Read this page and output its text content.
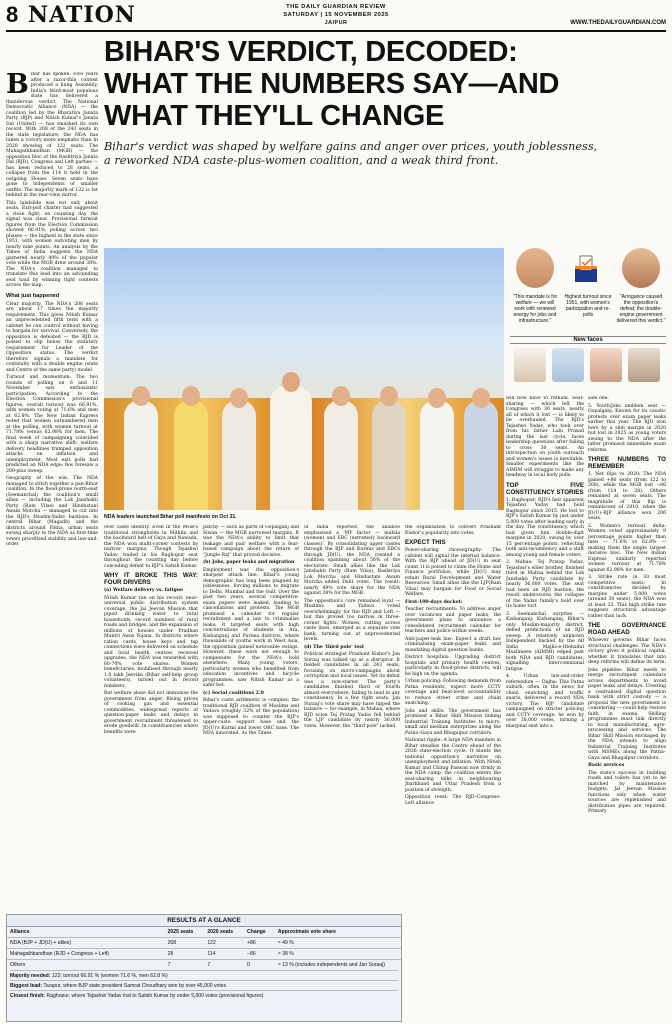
8 NATION	THE DAILY GUARDIAN REVIEW
SATURDAY | 15 NOVEMBER 2025
JAIPUR	WWW.THEDAILYGUARDIAN.COM
BIHAR'S VERDICT, DECODED:
WHAT THE NUMBERS SAY—AND
WHAT THEY'LL CHANGE
Bihar's verdict was shaped by welfare gains and anger over prices, youth joblessness,
a reworked NDA caste-plus-women coalition, and a weak third front.
NDA leaders launched Bihar poll manifesto on Oct 31.
"This mandate is for welfare — we will work with renewed energy for jobs and infrastructure."
Highest turnout since 1951, with women's participation and re-polls
"Arrogance caused the opposition's defeat; the double-engine government delivered this verdict."
New faces

Bihar has spoken. Five years after a razor-thin contest produced a hung Assembly, India's third-most populous state has delivered a thunderous verdict. The National Democratic Alliance (NDA) — the coalition led by the Bharatiya Janata Party (BJP) and Nitish Kumar's Janata Dal (United) — has smashed its own record. With 208 of the 243 seats in the state legislature, the NDA has taken a victory more emphatic than in 2020 showing of 122 seats. The Mahagathbandhan (MGB) — the opposition bloc of the Rashtriya Janata Dal (RJD), Congress and Left parties — has been reduced to 28 seats, a collapse from the 114 it held in the outgoing House. Seven seats have gone to independents or smaller outfits. The majority mark of 122 is far behind in the rear-view mirror.

This landslide was not only about seats. Exit-poll chatter had suggested a close fight; on counting day the signal was clear. Provisional turnout figures from the Election Commission showed 66.91% polling across two phases — the highest in the state since 1951, with women outvoting men by nearly nine points. An analysis by the Times of India suggests the NDA garnered nearly 49% of the popular vote while the MGB drew around 38%. The NDA's coalition managed to translate this lead into an astounding seat haul by winning tight contests across the map.

What just happened

Clear majority. The NDA's 208 seats are about 17 times the majority requirement. This gives Nitish Kumar an unprecedented fifth term with a cabinet he can control without having to bargain for survival. Conversely, the opposition is defeated — the RJD is poised to slip below the statutory requirement for Leader of the Opposition status. The verdict therefore signals a mandate for continuity with a double engine (state and Centre of the same party) model.

Turnout and momentum: The two rounds of polling on 6 and 11 November saw enthusiastic participation. According to the Election Commission's provisional figures, overall turnout was 66.91%, with women voting at 71.6% and men at 62.8%. The New Indian Express noted that women outnumbered men at the polling, with women turnout at 71.78% versus 62.98% for men. The final week of campaigning coincided with a sharp narrative shift: welfare delivery headlines trumped opposition attacks on inflation and unemployment. Most exit polls had predicted an NDA edge; few foresaw a 200-plus sweep.

Geography of the win: The NDA managed to stitch together a pan-Bihar coalition. In the flood-prone north-east (Seemanchal) the coalition's small allies — including the Lok Janshakti Party (Ram Vilas) and Hindustani Awam Morcha — managed to cut into the RJD's Muslim-Yadav bastions. In central Bihar (Magadh) and the districts around Patna, urban seats swung sharply to the NDA as first-time voters prioritised stability and law-and-order

over caste identity. Even in the MGB's traditional strongholds in Mithila and the backward belt of Gaya and Nawada, the NDA won multi-corner contests by narrow margins. Though Tejashwi Yadav, trailed in his Raghopur seat throughout the counting day before conceding defeat to BJP's Satish Kumar.

WHY IT BROKE THIS WAY: FOUR DRIVERS

(a) Welfare delivery vs. fatigue

Nitish Kumar ran on his record: near-universal public distribution system coverage, the Jal Jeevan Mission that piped drinking water to rural households, record numbers of rural roads and bridges, and the expansion of millions of houses under Pradhan Mantri Awas Yojana. In districts where ration cards, house keys and tap connections were delivered on schedule and local health centres received upgrades, the NDA was rewarded with 60-70% vote shares. Women beneficiaries, mobilised through nearly 1.8 lakh Jeevika (Bihar self-help group volunteers), turned out in record numbers.

But welfare alone did not immunise the government from anger. Rising prices of cooking gas and essential commodities, widespread reports of question-paper leaks and delays in government recruitment threatened to erode goodwill. In constituencies where benefits were

patchy — such as parts of Gopalganj and Siwan — the MGB narrowed margins. It was the NDA's ability to limit that leakage and pair welfare with a fear-based campaign about the return of "Jungle Raj" that proved decisive.

(b) Jobs, paper leaks and migration

Employment was the opposition's sharpest attack line. Bihar's young demographic has long been plagued by joblessness, forcing millions to migrate to Delhi, Mumbai and the Gulf. Over the past two years, several competitive-exam papers were leaked, leading to cancellations and protests. The MGB promised a calendar for regular recruitment and a law to criminalise leaks; it targeted seats with high concentrations of students in Ara, Kishanganj and Purnea districts, where thousands of youths work in West Asia, the opposition gained noticeable swings. However, these were not enough to compensate for the NDA's hold elsewhere. Many young voters, particularly women who benefited from education incentives and bicycle programmes, saw Nitish Kumar as a safer bet.

(c) Social coalitions 2.0

Bihar's caste arithmetic is complex; the traditional RJD coalition of Muslims and Yadavs (roughly 32% of the population) was supposed to counter the BJP's upper-caste support base and the JD(U)'s Kurmi and lower OBC base. The NDA innovated. As the Times

of India reported, the alliance emphasised a 'MY factor — mahila (women) and EBC (extremely backward classes)'. By consolidating upper castes through the BJP and Kurmis and EBCs through JD(U), the NDA created a coalition spanning about 56% of the electorate. Small allies like the Lok Janshakti Party (Ram Vilas), Rashtriya Lok Morcha and Hindustani Awam Morcha added Dalit votes. The result: nearly 49% vote share for the NDA against 38% for the MGB.

The opposition's core remained loyal — Muslims and Yadavs voted overwhelmingly for the RJD and Left — but this proved too narrow in three-corner fights. Women, cutting across caste lines, emerged as a separate vote bank, turning out at unprecedented levels.

(d) The 'third pole' test

Political strategist Prashant Kishor's Jan Suraaj was talked up as a disruptor. It fielded candidates in all 243 seats, focusing on micro-campaigns about corruption and local issues. Yet its debut was a non-starter. The party's candidates finished third or fourth almost everywhere, failing to lead in any constituency. In a few tight seats, Jan Suraaj's vote share may have tipped the balance — for example, in Mahua, where RJD scion Tej Pratap Yadav fell behind the LJP candidate by nearly 36,000 votes. However, the "third pole" lacked

the organisation to convert Prashant Kishor's popularity into votes.

EXPECT THIS

Power-sharing choreography: The cabinet will signal the internal balance. With the BJP ahead of JD(U) in seat count, it is poised to claim the Home and Finance portfolios, while JD(U) may retain Rural Development and Water Resources. Small allies like the LJP(Ram Vilas) may bargain for Food or Social Welfare.

First-100-days docket:

Teacher recruitments: To address anger over vacancies and paper leaks, the government plans to announce a consolidated recruitment calendar for teachers and police within weeks.

Anti-paper-leak law: Expect a draft law criminalising exam-paper leaks and mandating digital question banks.

District hospitals: Upgrading district hospitals and primary health centres, particularly in flood-prone districts, will be high on the agenda.

Urban policing: Following demands from Patna residents, expect more CCTV coverage and beat-level accountability to reduce street crime and chain snatching.

Jobs and skills: The government has promised a Bihar Skill Mission linking Industrial Training Institutes to micro, small and medium enterprises along the Patna–Gaya and Bhagalpur corridors.

National ripple: A large NDA mandate in Bihar steadies the Centre ahead of the 2026 state-election cycle. It blunts the national opposition's narrative on unemployment and inflation. With Nitish Kumar and Chirag Paswan now firmly in the NDA camp, the coalition enters the seat-sharing talks in neighbouring Jharkhand and Uttar Pradesh from a position of strength.

Opposition reset: The RJD–Congress–Left alliance

will now have to rethink. Seat-sharing — which left the Congress with 30 seats, nearly all of which it lost — is likely to be overhauled. The RJD's Tejashwi Yadav, who took over from his father Lalu Prasad during the last cycle, faces leadership questions after failing to cross 30 seats. An introspection on youth outreach and women's issues is inevitable. Smaller experiments like the AIMIM will struggle to make any headway in local body polls.

TOP FIVE CONSTITUENCY STORIES

1. Raghopur: RJD's heir apparent Tejashwi Yadav had held Raghopur since 2015. He lost to BJP's Satish Kumar by just under 5,000 votes after leading early in the day. The constituency, which had given him double-digit margins in 2020, swung by over 15 percentage points, reflecting both anti-incumbency and a shift among young and female voters.

2. Mahua: Tej Pratap Yadav, Tejashwi's elder brother, finished third in Mahua behind the Lok Janshakti Party candidate by nearly 36,000 votes. The seat had been an RJD bastion; the result underscores the collapse of the Yadav family's hold over its home turf.

3. Seemanchal surprise — Kishanganj: Kishanganj, Bihar's only Muslim-majority district, defied predictions of an RJD sweep. A relatively unknown Independent backed by the All India Majlis-e-Ittehadul Muslimeen (AIMIM) edged past both NDA and RJD candidates, signalling intercommunal fatigue.

4. Urban law-and-order referendum — Digha: This Patna suburb, often in the news for chain snatching and traffic snarls, delivered a record NDA victory. The BJP candidate campaigned on stricter policing and CCTV coverage; he won by over 30,000 votes, turning a marginal seat into a

safe one.

5. Youth/jobs emblem seat — Gopalganj: Known for its caustic protests over exam paper leaks earlier this year. The RJD won here by a slim margin in 2020 but lost in 2025 as young voters swung to the NDA after the latter promised immediate exam reforms.

THREE NUMBERS TO REMEMBER

1. Net flips vs 2020: The NDA gained +86 seats (from 122 to 208), while the MGB lost −86 (from 114 to 28). Others remained at seven seats. The magnitude of this flip is reminiscent of 2010, when the JD(U)–BJP alliance won 206 seats.

2. Women's turnout delta: Women voted approximately 9 percentage points higher than men — 71.6% vs 62.8% — making them the single largest decisive bloc. The New Indian Express similarly reported women turnout at 71.78% against 62.98% for men.

3. Strike rate in 30 most competitive seats: In constituencies decided by margins under 5,000 votes (around 30 seats), the NDA won at least 23. This high strike rate suggests structural advantage rather than luck.

THE GOVERNANCE ROAD AHEAD

Whoever governs Bihar faces structural challenges. The NDA's victory gives it political capital; whether it translates that into deep reforms will define its term.

Jobs pipeline: Bihar needs to merge recruitment calendars across departments to avoid paper leaks and delays. Creating a centralised digital question bank with strict custody — a proposal the new government is considering — could help restore faith in exams. Skilling programmes must link directly to local manufacturing, agro-processing and services. The Bihar Skill Mission envisaged by the NDA intends to align Industrial Training Institutes with MSMEs along the Patna–Gaya and Bhagalpur corridors.

Basic services

The state's success in building roads and toilets has yet to be matched by maintenance budgets. Jal Jeevan Mission functions only when water sources are replenished and distribution pipes are repaired. Primary

RESULTS AT A GLANCE
Alliance	2025 seats	2020 seats	Change	Approximate vote share
NDA (BJP + JD(U) + allies)	208	122	+86	≈ 49 %
Mahagathbandhan (RJD + Congress + Left)	28	114	−86	≈ 38 %
Others	7	7	0	≈ 13 % (includes independents and Jan Suraaj)
Majority needed: 122; turnout 66.91 % (women 71.6 %, men 62.8 %)
Biggest lead: Tarapur, where BJP state president Samrat Choudhary won by over 45,000 votes
Closest finish: Raghopur, where Tejashwi Yadav lost to Satish Kumar by under 5,000 votes (provisional figures)
